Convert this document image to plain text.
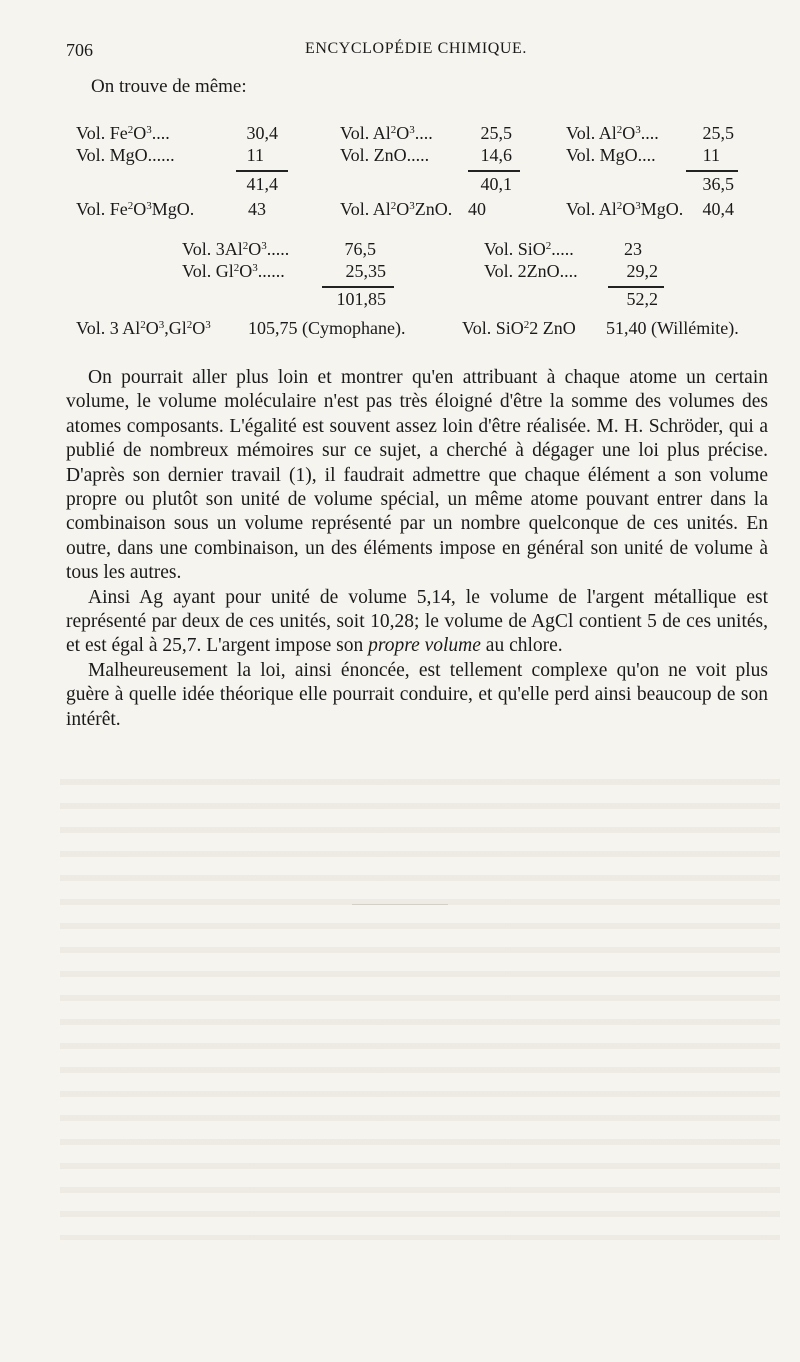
706	ENCYCLOPÉDIE CHIMIQUE.
On trouve de même:
Vol. $Fe^2O^3$....	30,4
Vol. MgO......	11
41,4
Vol. $Fe^2O^3MgO$.	43
Vol. $Al^2O^3$....	25,5
Vol. ZnO.....	14,6
40,1
Vol. $Al^2O^3ZnO$. 40
Vol. $Al^2O^3$....	25,5
Vol. MgO....	11
36,5
Vol. $Al^2O^3MgO$.	40,4
Vol. $3Al^2O^3$.....	76,5
Vol. $Gl^2O^3$......	25,35
101,85
Vol. SiO$^2$.....	23
Vol. 2ZnO....	29,2
52,2
Vol. 3 $Al^2O^3,Gl^2O^3$ 105,75 (Cymophane).	Vol. SiO$^2$2 ZnO 51,40 (Willémite).

On pourrait aller plus loin et montrer qu'en attribuant à chaque atome un certain volume, le volume moléculaire n'est pas très éloigné d'être la somme des volumes des atomes composants. L'égalité est souvent assez loin d'être réalisée. M. H. Schröder, qui a publié de nombreux mémoires sur ce sujet, a cherché à dégager une loi plus précise. D'après son dernier travail (1), il faudrait admettre que chaque élément a son volume propre ou plutôt son unité de volume spécial, un même atome pouvant entrer dans la combinaison sous un volume représenté par un nombre quelconque de ces unités. En outre, dans une combinaison, un des éléments impose en général son unité de volume à tous les autres.

Ainsi Ag ayant pour unité de volume 5,14, le volume de l'argent métallique est représenté par deux de ces unités, soit 10,28; le volume de AgCl contient 5 de ces unités, et est égal à 25,7. L'argent impose son propre volume au chlore.

Malheureusement la loi, ainsi énoncée, est tellement complexe qu'on ne voit plus guère à quelle idée théorique elle pourrait conduire, et qu'elle perd ainsi beaucoup de son intérêt.
